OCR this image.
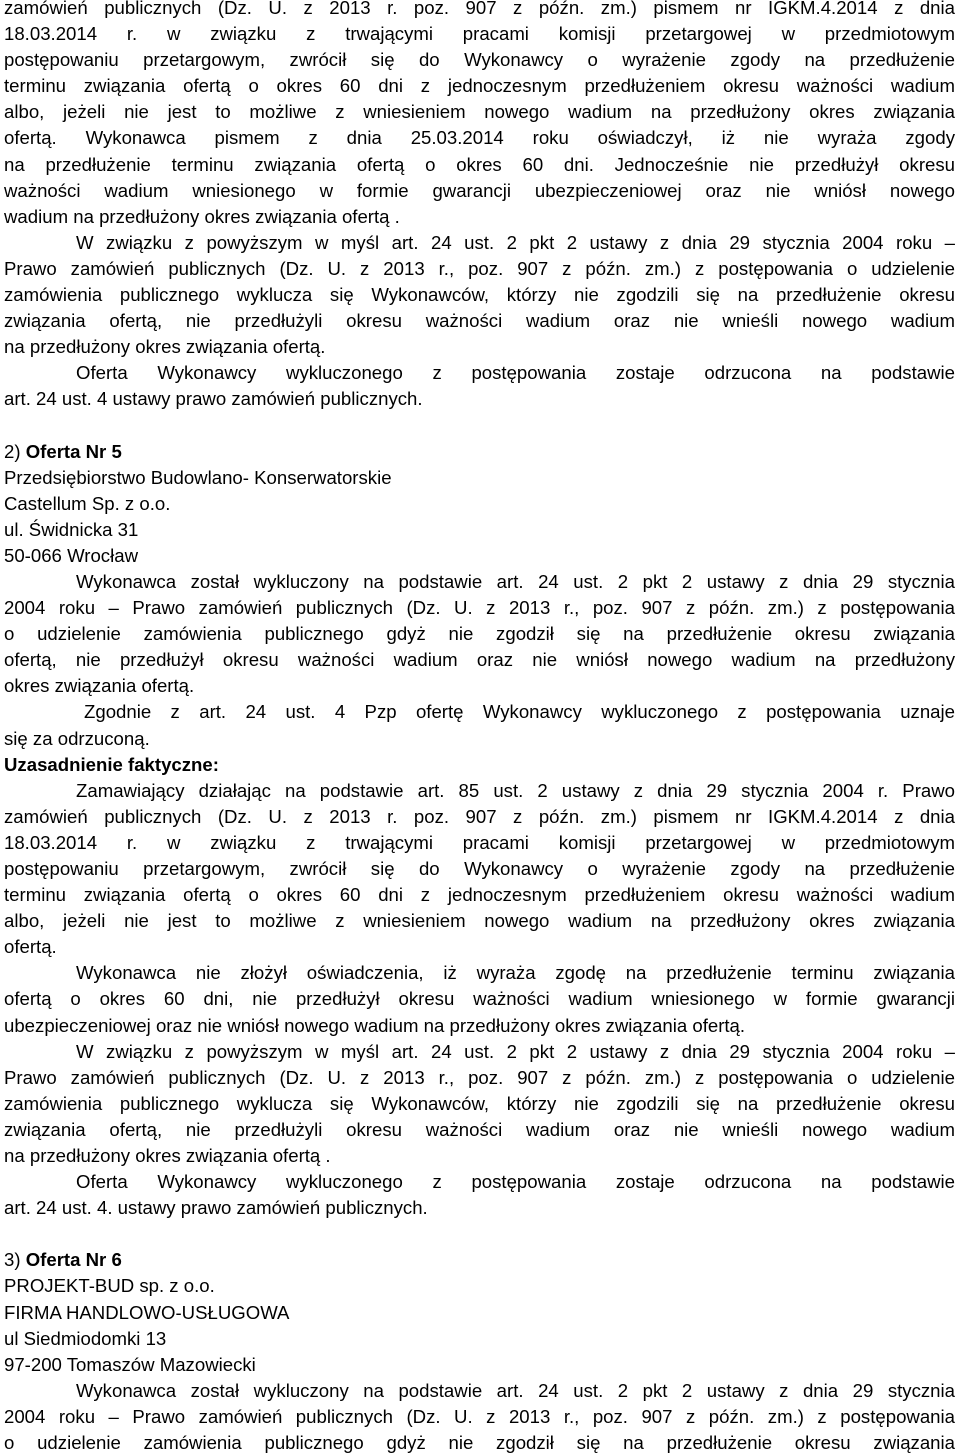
zamówień publicznych (Dz. U. z 2013 r. poz. 907 z późn. zm.) pismem nr IGKM.4.2014 z dnia

18.03.2014 r. w związku z trwającymi pracami komisji przetargowej w przedmiotowym

postępowaniu przetargowym, zwrócił się do Wykonawcy o wyrażenie zgody na przedłużenie

terminu związania ofertą o okres 60 dni z jednoczesnym przedłużeniem okresu ważności wadium

albo, jeżeli nie jest to możliwe z wniesieniem nowego wadium na przedłużony okres związania

ofertą. Wykonawca pismem z dnia 25.03.2014 roku oświadczył, iż nie wyraża zgody

na przedłużenie terminu związania ofertą o okres 60 dni. Jednocześnie nie przedłużył okresu

ważności wadium wniesionego w formie gwarancji ubezpieczeniowej oraz nie wniósł nowego

wadium na przedłużony okres związania ofertą .

W związku z powyższym w myśl art. 24 ust. 2 pkt 2 ustawy z dnia 29 stycznia 2004 roku –

Prawo zamówień publicznych (Dz. U. z 2013 r., poz. 907 z późn. zm.) z postępowania o udzielenie

zamówienia publicznego wyklucza się Wykonawców, którzy nie zgodzili się na przedłużenie okresu

związania ofertą, nie przedłużyli okresu ważności wadium oraz nie wnieśli nowego wadium

na przedłużony okres związania ofertą.

Oferta Wykonawcy wykluczonego z postępowania zostaje odrzucona na podstawie

art. 24 ust. 4 ustawy prawo zamówień publicznych.

2) Oferta Nr 5

Przedsiębiorstwo Budowlano- Konserwatorskie

Castellum Sp. z o.o.

ul. Świdnicka 31

50-066 Wrocław

Wykonawca został wykluczony na podstawie art. 24 ust. 2 pkt 2 ustawy z dnia 29 stycznia

2004 roku – Prawo zamówień publicznych (Dz. U. z 2013 r., poz. 907 z późn. zm.) z postępowania

o udzielenie zamówienia publicznego gdyż nie zgodził się na przedłużenie okresu związania

ofertą, nie przedłużył okresu ważności wadium oraz nie wniósł nowego wadium na przedłużony

okres związania ofertą.

Zgodnie z art. 24 ust. 4 Pzp ofertę Wykonawcy wykluczonego z postępowania uznaje

się za odrzuconą.

Uzasadnienie faktyczne:

Zamawiający działając na podstawie art. 85 ust. 2 ustawy z dnia 29 stycznia 2004 r. Prawo

zamówień publicznych (Dz. U. z 2013 r. poz. 907 z późn. zm.) pismem nr IGKM.4.2014 z dnia

18.03.2014 r. w związku z trwającymi pracami komisji przetargowej w przedmiotowym

postępowaniu przetargowym, zwrócił się do Wykonawcy o wyrażenie zgody na przedłużenie

terminu związania ofertą o okres 60 dni z jednoczesnym przedłużeniem okresu ważności wadium

albo, jeżeli nie jest to możliwe z wniesieniem nowego wadium na przedłużony okres związania

ofertą.

Wykonawca nie złożył oświadczenia, iż wyraża zgodę na przedłużenie terminu związania

ofertą o okres 60 dni, nie przedłużył okresu ważności wadium wniesionego w formie gwarancji

ubezpieczeniowej oraz nie wniósł nowego wadium na przedłużony okres związania ofertą.

W związku z powyższym w myśl art. 24 ust. 2 pkt 2 ustawy z dnia 29 stycznia 2004 roku –

Prawo zamówień publicznych (Dz. U. z 2013 r., poz. 907 z późn. zm.) z postępowania o udzielenie

zamówienia publicznego wyklucza się Wykonawców, którzy nie zgodzili się na przedłużenie okresu

związania ofertą, nie przedłużyli okresu ważności wadium oraz nie wnieśli nowego wadium

na przedłużony okres związania ofertą .

Oferta Wykonawcy wykluczonego z postępowania zostaje odrzucona na podstawie

art. 24 ust. 4. ustawy prawo zamówień publicznych.

3) Oferta Nr 6

PROJEKT-BUD sp. z o.o.

FIRMA HANDLOWO-USŁUGOWA

ul Siedmiodomki 13

97-200 Tomaszów Mazowiecki

Wykonawca został wykluczony na podstawie art. 24 ust. 2 pkt 2 ustawy z dnia 29 stycznia

2004 roku – Prawo zamówień publicznych (Dz. U. z 2013 r., poz. 907 z późn. zm.) z postępowania

o udzielenie zamówienia publicznego gdyż nie zgodził się na przedłużenie okresu związania
